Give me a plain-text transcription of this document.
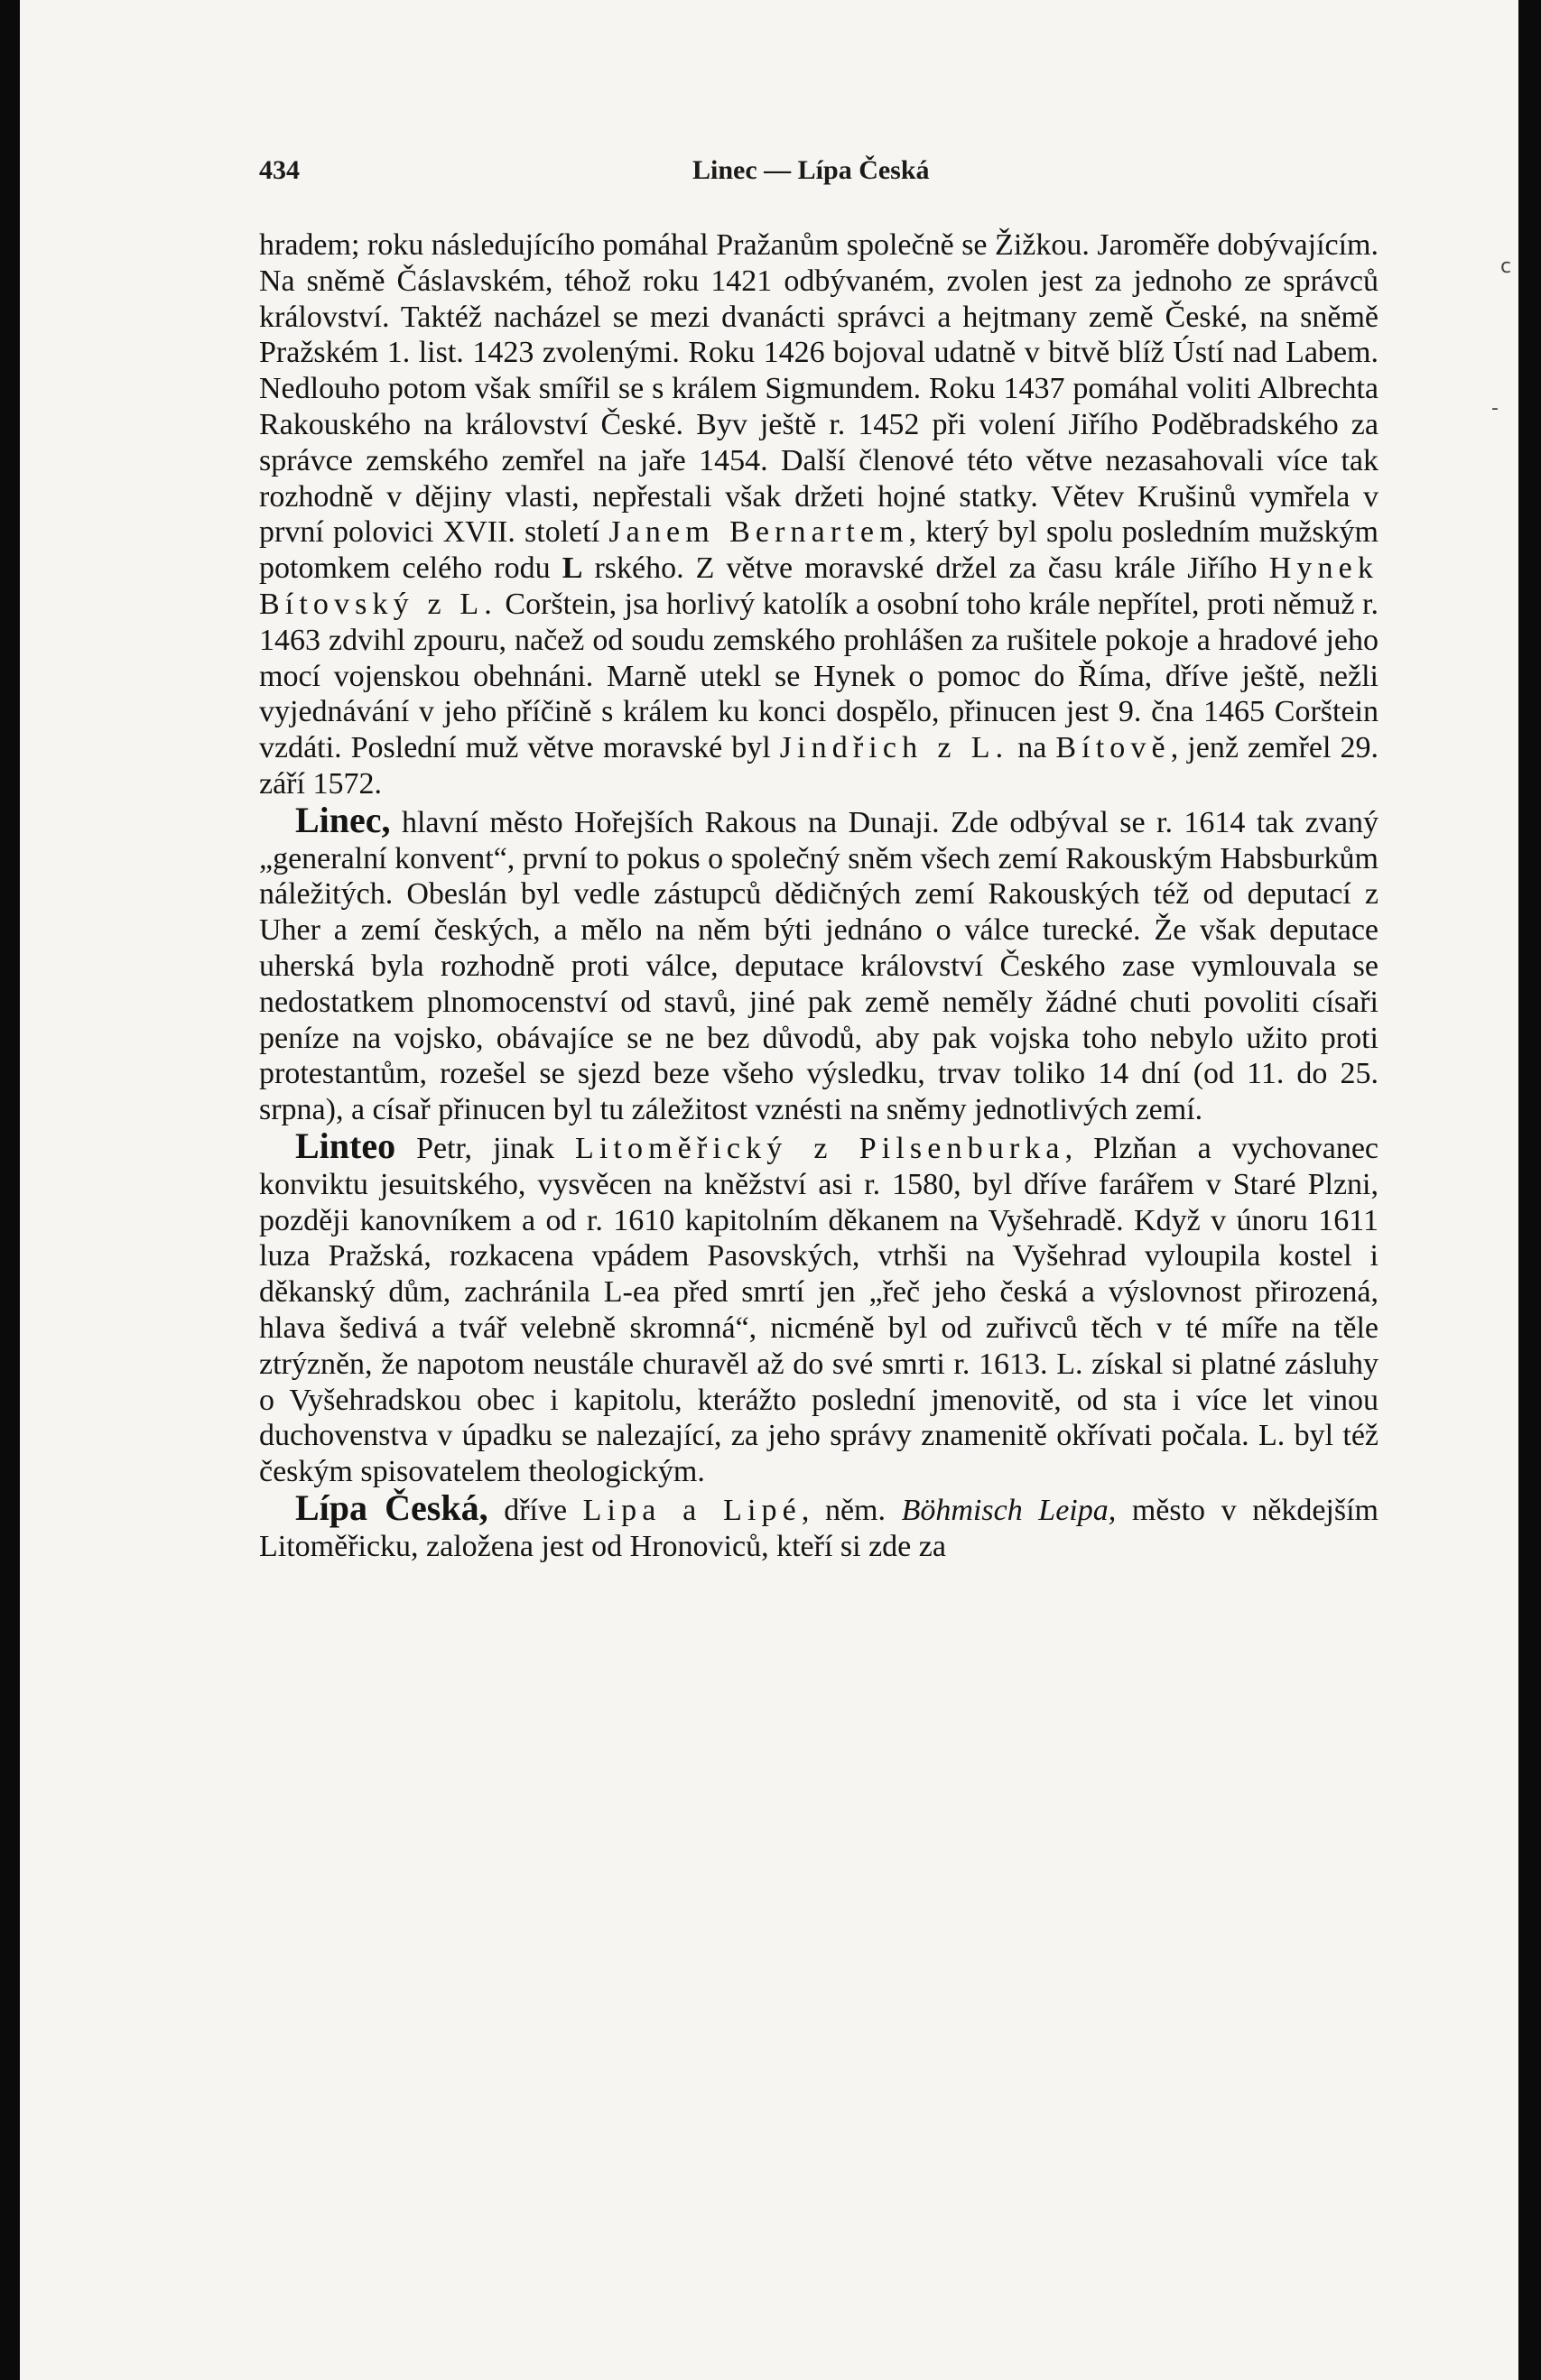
c
-
434	Linec — Lípa Česká

hradem; roku následujícího pomáhal Pražanům společně se Žižkou. Jaroměře dobývajícím. Na sněmě Čáslavském, téhož roku 1421 odbývaném, zvolen jest za jednoho ze správců království. Taktéž nacházel se mezi dvanácti správci a hejtmany země České, na sněmě Pražském 1. list. 1423 zvolenými. Roku 1426 bojoval udatně v bitvě blíž Ústí nad Labem. Nedlouho potom však smířil se s králem Sigmundem. Roku 1437 pomáhal voliti Albrechta Rakouského na království České. Byv ještě r. 1452 při volení Jiřího Poděbradského za správce zemského zemřel na jaře 1454. Další členové této větve nezasahovali více tak rozhodně v dějiny vlasti, nepřestali však držeti hojné statky. Větev Krušinů vymřela v první polovici XVII. století Janem Bernartem, který byl spolu posledním mužským potomkem celého rodu L rského. Z větve moravské držel za času krále Jiřího Hynek Bítovský z L. Corštein, jsa horlivý katolík a osobní toho krále nepřítel, proti němuž r. 1463 zdvihl zpouru, načež od soudu zemského prohlášen za rušitele pokoje a hradové jeho mocí vojenskou obehnáni. Marně utekl se Hynek o pomoc do Říma, dříve ještě, nežli vyjednávání v jeho příčině s králem ku konci dospělo, přinucen jest 9. čna 1465 Corštein vzdáti. Poslední muž větve moravské byl Jindřich z L. na Bítově, jenž zemřel 29. září 1572.

Linec, hlavní město Hořejších Rakous na Dunaji. Zde odbýval se r. 1614 tak zvaný „generalní konvent“, první to pokus o společný sněm všech zemí Rakouským Habsburkům náležitých. Obeslán byl vedle zástupců dědičných zemí Rakouských též od deputací z Uher a zemí českých, a mělo na něm býti jednáno o válce turecké. Že však deputace uherská byla rozhodně proti válce, deputace království Českého zase vymlouvala se nedostatkem plnomocenství od stavů, jiné pak země neměly žádné chuti povoliti císaři peníze na vojsko, obávajíce se ne bez důvodů, aby pak vojska toho nebylo užito proti protestantům, rozešel se sjezd beze všeho výsledku, trvav toliko 14 dní (od 11. do 25. srpna), a císař přinucen byl tu záležitost vznésti na sněmy jednotlivých zemí.

Linteo Petr, jinak Litoměřický z Pilsenburka, Plzňan a vychovanec konviktu jesuitského, vysvěcen na kněžství asi r. 1580, byl dříve farářem v Staré Plzni, později kanovníkem a od r. 1610 kapitolním děkanem na Vyšehradě. Když v únoru 1611 luza Pražská, rozkacena vpádem Pasovských, vtrhši na Vyšehrad vyloupila kostel i děkanský dům, zachránila L-ea před smrtí jen „řeč jeho česká a výslovnost přirozená, hlava šedivá a tvář velebně skromná“, nicméně byl od zuřivců těch v té míře na těle ztrýzněn, že napotom neustále churavěl až do své smrti r. 1613. L. získal si platné zásluhy o Vyšehradskou obec i kapitolu, kterážto poslední jmenovitě, od sta i více let vinou duchovenstva v úpadku se nalezající, za jeho správy znamenitě okřívati počala. L. byl též českým spisovatelem theologickým.

Lípa Česká, dříve Lipa a Lipé, něm. Böhmisch Leipa, město v někdejším Litoměřicku, založena jest od Hronoviců, kteří si zde za
